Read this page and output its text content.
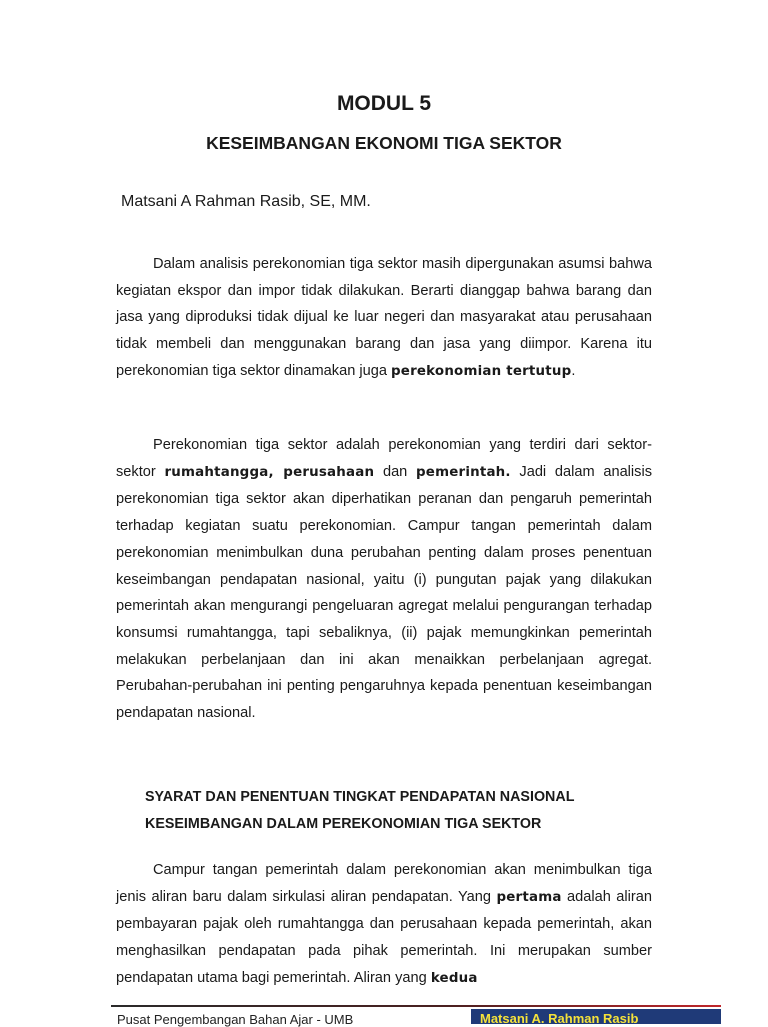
MODUL 5
KESEIMBANGAN EKONOMI TIGA SEKTOR

Matsani A Rahman Rasib, SE, MM.

Dalam analisis perekonomian tiga sektor masih dipergunakan asumsi bahwa kegiatan ekspor dan impor tidak dilakukan. Berarti dianggap bahwa barang dan jasa yang diproduksi tidak dijual ke luar negeri dan masyarakat atau perusahaan tidak membeli dan menggunakan barang dan jasa yang diimpor. Karena itu perekonomian tiga sektor dinamakan juga perekonomian tertutup.

Perekonomian tiga sektor adalah perekonomian yang terdiri dari sektor-sektor rumahtangga, perusahaan dan pemerintah. Jadi dalam analisis perekonomian tiga sektor akan diperhatikan peranan dan pengaruh pemerintah terhadap kegiatan suatu perekonomian. Campur tangan pemerintah dalam perekonomian menimbulkan duna perubahan penting dalam proses penentuan keseimbangan pendapatan nasional, yaitu (i) pungutan pajak yang dilakukan pemerintah akan mengurangi pengeluaran agregat melalui pengurangan terhadap konsumsi rumahtangga, tapi sebaliknya, (ii) pajak memungkinkan pemerintah melakukan perbelanjaan dan ini akan menaikkan perbelanjaan agregat. Perubahan-perubahan ini penting pengaruhnya kepada penentuan keseimbangan pendapatan nasional.

SYARAT DAN PENENTUAN TINGKAT PENDAPATAN NASIONAL
KESEIMBANGAN DALAM PEREKONOMIAN TIGA SEKTOR

Campur tangan pemerintah dalam perekonomian akan menimbulkan tiga jenis aliran baru dalam sirkulasi aliran pendapatan. Yang pertama adalah aliran pembayaran pajak oleh rumahtangga dan perusahaan kepada pemerintah, akan menghasilkan pendapatan pada pihak pemerintah. Ini merupakan sumber pendapatan utama bagi pemerintah. Aliran yang kedua

Pusat Pengembangan Bahan Ajar - UMB	Matsani A. Rahman Rasib
